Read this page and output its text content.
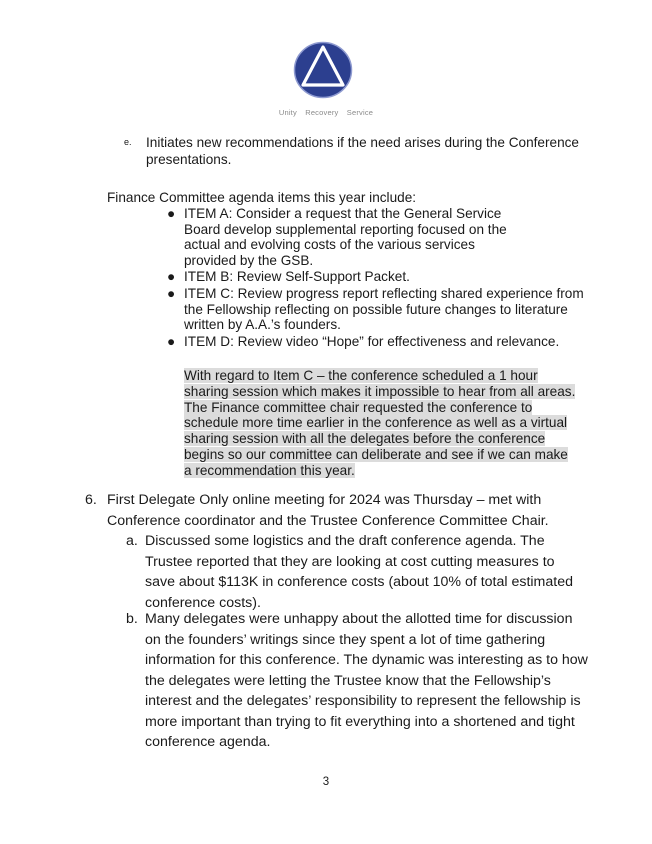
Unity Recovery Service
e.	Initiates new recommendations if the need arises during the Conference presentations.
Finance Committee agenda items this year include:
● ITEM A: Consider a request that the General Service Board develop supplemental reporting focused on the actual and evolving costs of the various services provided by the GSB.
● ITEM B: Review Self-Support Packet.
● ITEM C: Review progress report reflecting shared experience from the Fellowship reflecting on possible future changes to literature written by A.A.’s founders.
● ITEM D: Review video “Hope” for effectiveness and relevance.
With regard to Item C – the conference scheduled a 1 hour sharing session which makes it impossible to hear from all areas. The Finance committee chair requested the conference to schedule more time earlier in the conference as well as a virtual sharing session with all the delegates before the conference begins so our committee can deliberate and see if we can make a recommendation this year.
6. First Delegate Only online meeting for 2024 was Thursday – met with Conference coordinator and the Trustee Conference Committee Chair.
a. Discussed some logistics and the draft conference agenda. The Trustee reported that they are looking at cost cutting measures to save about $113K in conference costs (about 10% of total estimated conference costs).
b. Many delegates were unhappy about the allotted time for discussion on the founders’ writings since they spent a lot of time gathering information for this conference. The dynamic was interesting as to how the delegates were letting the Trustee know that the Fellowship’s interest and the delegates’ responsibility to represent the fellowship is more important than trying to fit everything into a shortened and tight conference agenda.
3
